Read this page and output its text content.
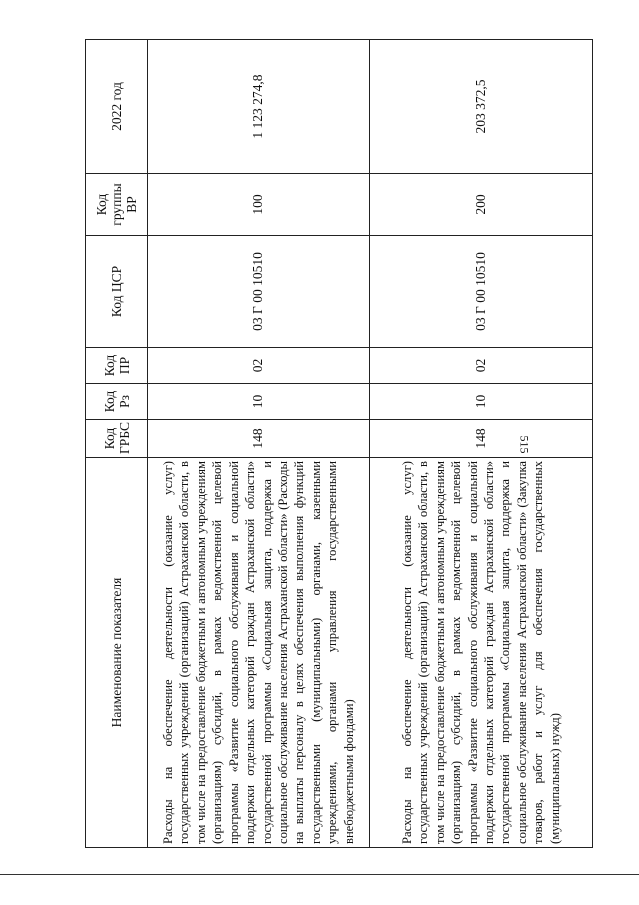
515
Наименование показателя	Код ГРБС	Код Рз	Код ПР	Код ЦСР	Код группы ВР	2022 год
Расходы на обеспечение деятельности (оказание услуг) государственных учреждений (организаций) Астраханской области, в том числе на предоставление бюджетным и автономным учреждениям (организациям) субсидий, в рамках ведомственной целевой программы «Развитие социального обслуживания и социальной поддержки отдельных категорий граждан Астраханской области» государственной программы «Социальная защита, поддержка и социальное обслуживание населения Астраханской области» (Расходы на выплаты персоналу в целях обеспечения выполнения функций государственными (муниципальными) органами, казенными учреждениями, органами управления государственными внебюджетными фондами)	148	10	02	03 Г 00 10510	100	1 123 274,8
Расходы на обеспечение деятельности (оказание услуг) государственных учреждений (организаций) Астраханской области, в том числе на предоставление бюджетным и автономным учреждениям (организациям) субсидий, в рамках ведомственной целевой программы «Развитие социального обслуживания и социальной поддержки отдельных категорий граждан Астраханской области» государственной программы «Социальная защита, поддержка и социальное обслуживание населения Астраханской области» (Закупка товаров, работ и услуг для обеспечения государственных (муниципальных) нужд)	148	10	02	03 Г 00 10510	200	203 372,5
